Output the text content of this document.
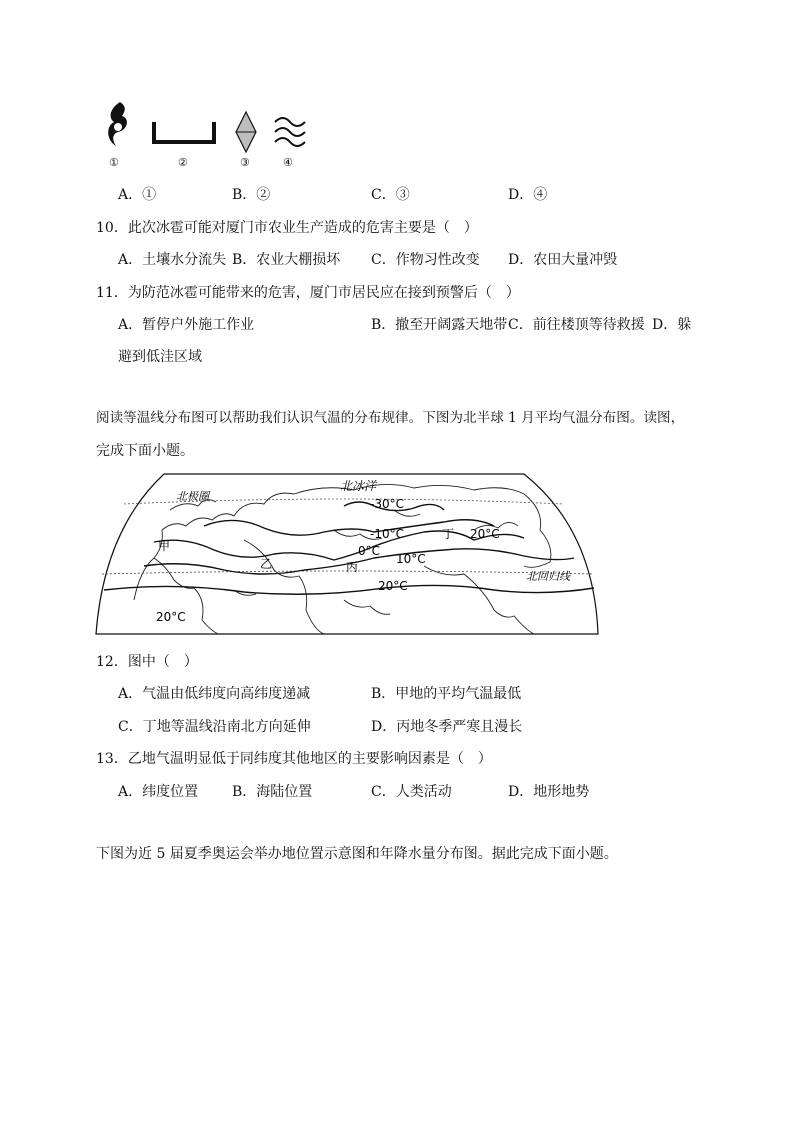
①	②	③	④
A．①	B．②	C．③	D．④
10．此次冰雹可能对厦门市农业生产造成的危害主要是（　）
A．土壤水分流失 B．农业大棚损坏 C．作物习性改变 D．农田大量冲毁
11．为防范冰雹可能带来的危害，厦门市居民应在接到预警后（　）
A．暂停户外施工作业	B．撤至开阔露天地带 C．前往楼顶等待救援 D．躲
避到低洼区域
阅读等温线分布图可以帮助我们认识气温的分布规律。下图为北半球 1 月平均气温分布图。读图，
完成下面小题。
北冰洋
北极圈
北回归线
-30°C
-10°C
0°C
10°C
20°C
20°C
20°C
甲
乙	丙
丁
12．图中（　）
A．气温由低纬度向高纬度递减	B．甲地的平均气温最低
C．丁地等温线沿南北方向延伸	D．丙地冬季严寒且漫长
13．乙地气温明显低于同纬度其他地区的主要影响因素是（　）
A．纬度位置 B．海陆位置	C．人类活动	D．地形地势
下图为近 5 届夏季奥运会举办地位置示意图和年降水量分布图。据此完成下面小题。
